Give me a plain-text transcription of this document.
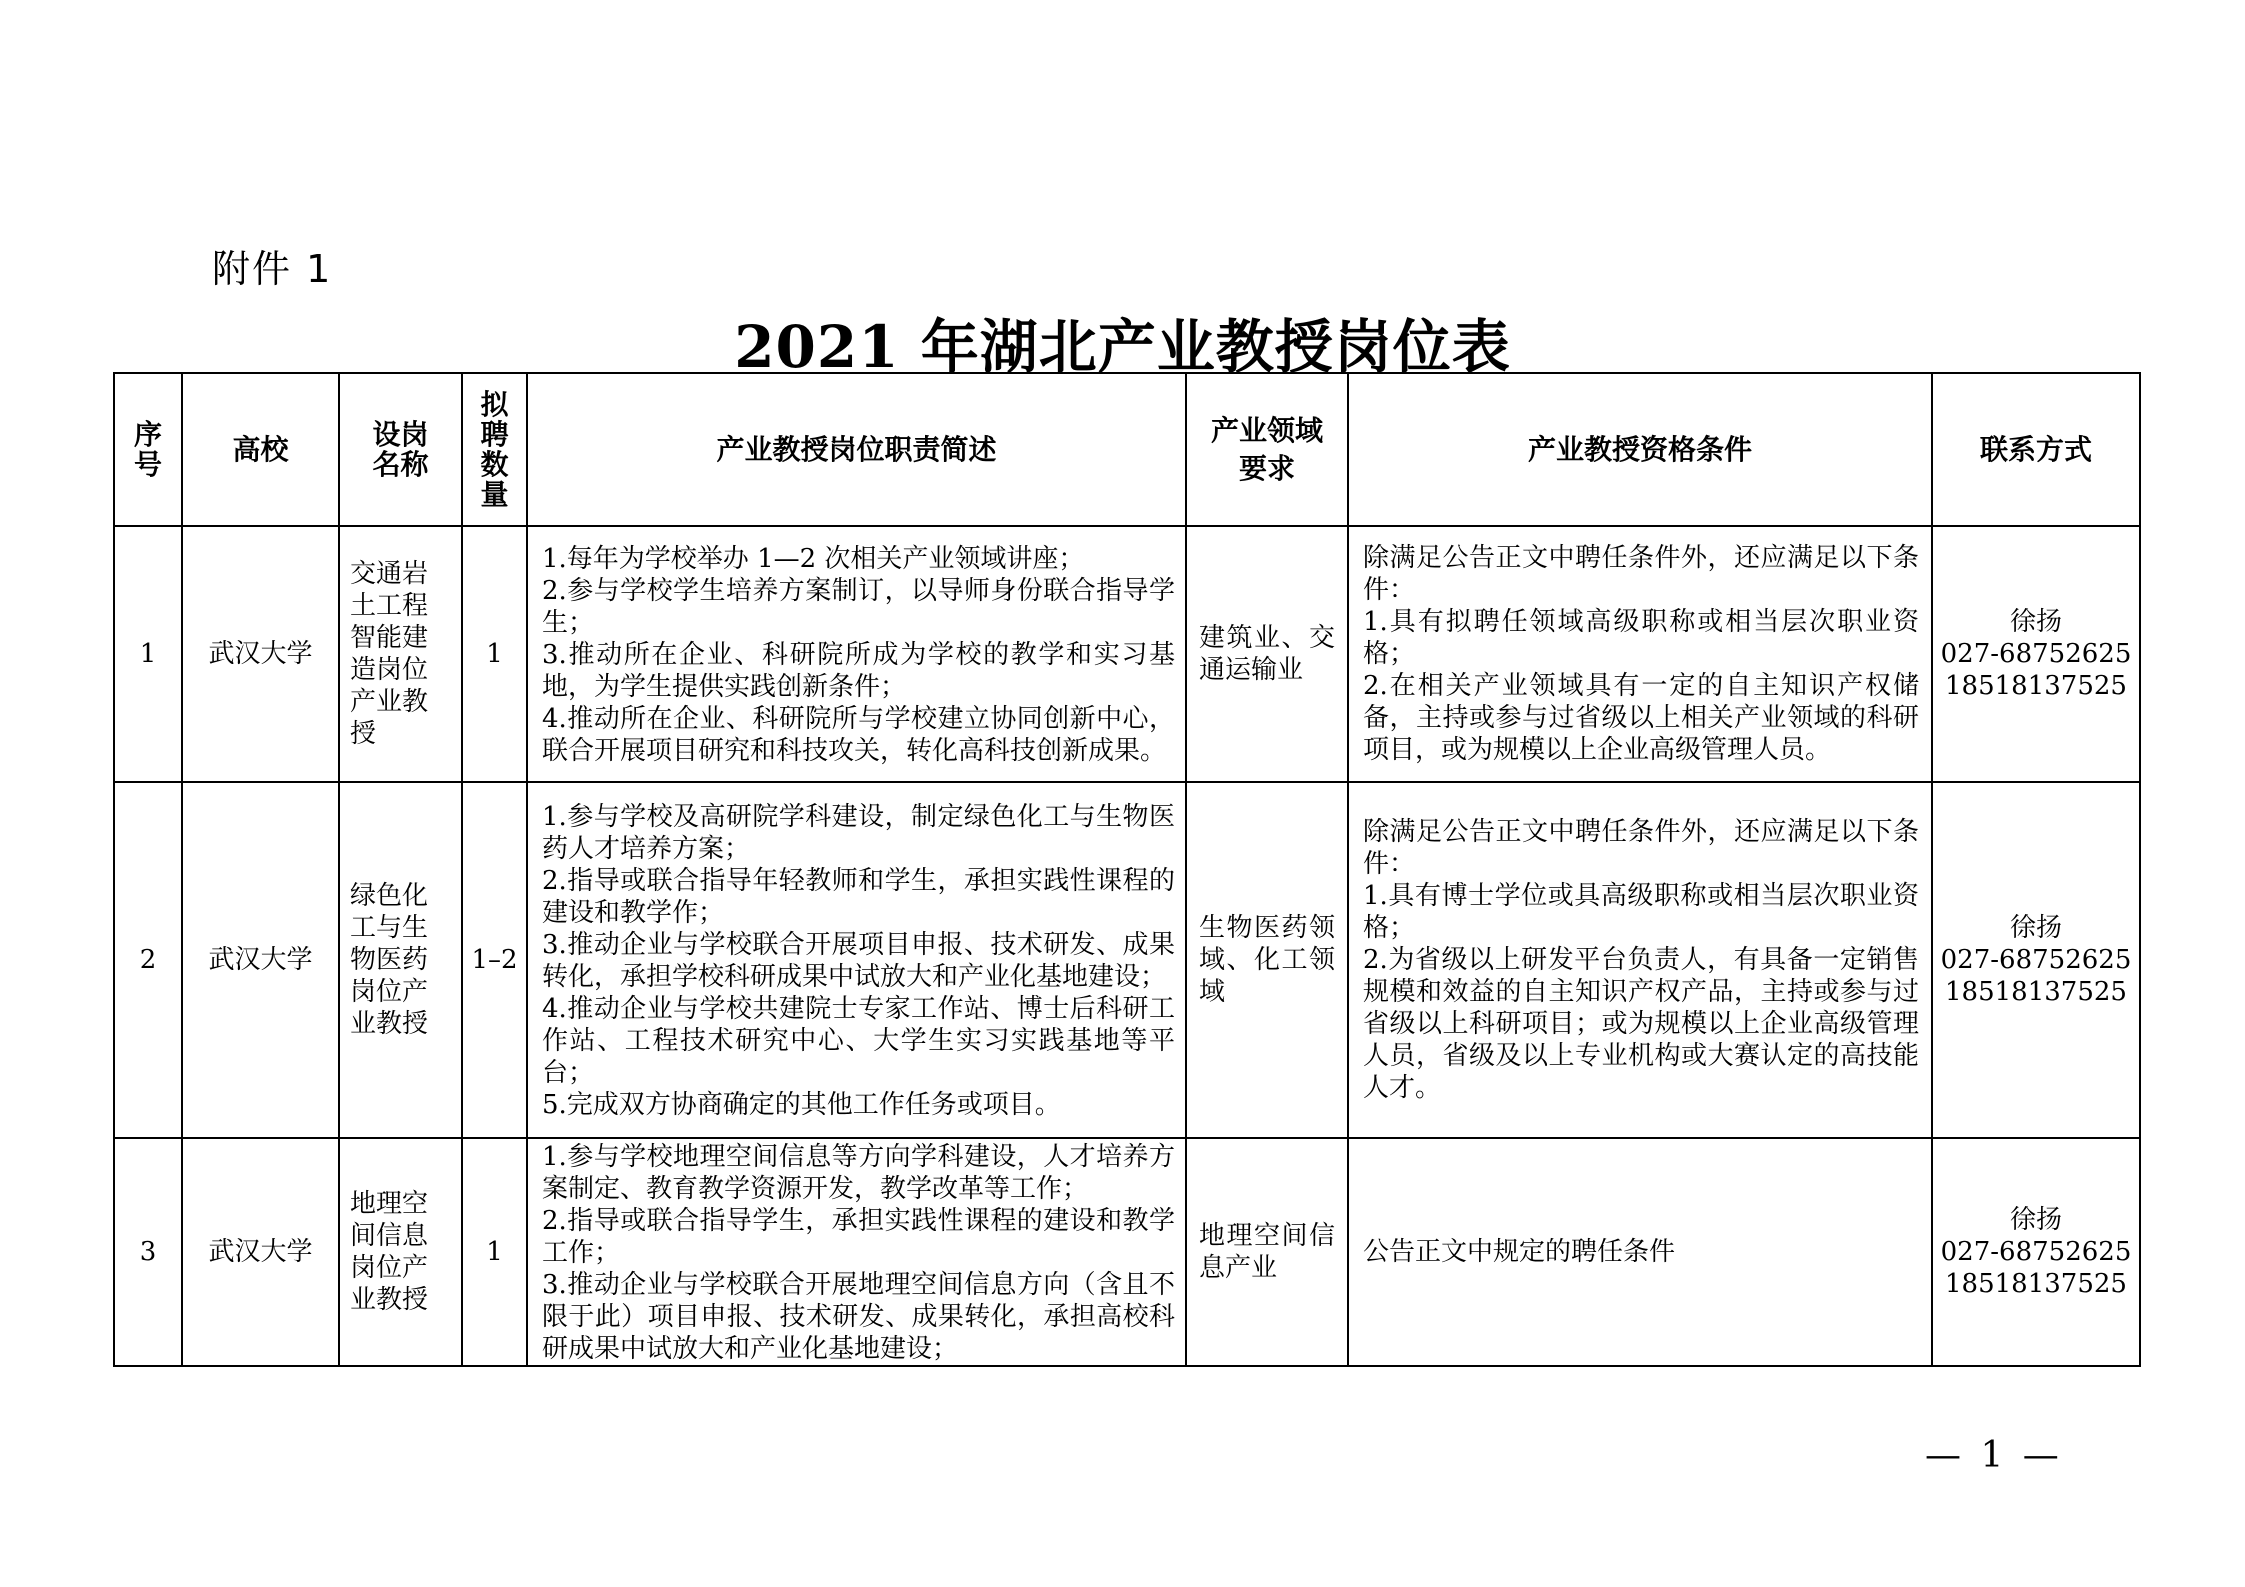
附件 1
2021 年湖北产业教授岗位表
序号	高校	设岗名称	拟聘数量	产业教授岗位职责简述	产业领域要求	产业教授资格条件	联系方式
1	武汉大学	交通岩土工程智能建造岗位产业教授	1	1.每年为学校举办 1—2 次相关产业领域讲座；
2.参与学校学生培养方案制订，以导师身份联合指导学生；
3.推动所在企业、科研院所成为学校的教学和实习基地，为学生提供实践创新条件；
4.推动所在企业、科研院所与学校建立协同创新中心，联合开展项目研究和科技攻关，转化高科技创新成果。	建筑业、交通运输业	除满足公告正文中聘任条件外，还应满足以下条件：
1.具有拟聘任领域高级职称或相当层次职业资格；
2.在相关产业领域具有一定的自主知识产权储备，主持或参与过省级以上相关产业领域的科研项目，或为规模以上企业高级管理人员。	徐扬
027-68752625
18518137525

2	武汉大学	绿色化工与生物医药岗位产业教授	1–2	1.参与学校及高研院学科建设，制定绿色化工与生物医药人才培养方案；
2.指导或联合指导年轻教师和学生，承担实践性课程的建设和教学作；
3.推动企业与学校联合开展项目申报、技术研发、成果转化，承担学校科研成果中试放大和产业化基地建设；
4.推动企业与学校共建院士专家工作站、博士后科研工作站、工程技术研究中心、大学生实习实践基地等平台；
5.完成双方协商确定的其他工作任务或项目。	生物医药领域、化工领域	除满足公告正文中聘任条件外，还应满足以下条件：
1.具有博士学位或具高级职称或相当层次职业资格；
2.为省级以上研发平台负责人，有具备一定销售规模和效益的自主知识产权产品，主持或参与过省级以上科研项目；或为规模以上企业高级管理人员，省级及以上专业机构或大赛认定的高技能人才。	徐扬
027-68752625
18518137525

3	武汉大学	地理空间信息岗位产业教授	1	1.参与学校地理空间信息等方向学科建设，人才培养方案制定、教育教学资源开发，教学改革等工作；
2.指导或联合指导学生，承担实践性课程的建设和教学工作；
3.推动企业与学校联合开展地理空间信息方向（含且不限于此）项目申报、技术研发、成果转化，承担高校科研成果中试放大和产业化基地建设；	地理空间信息产业	公告正文中规定的聘任条件	徐扬
027-68752625
18518137525
— 1 —
